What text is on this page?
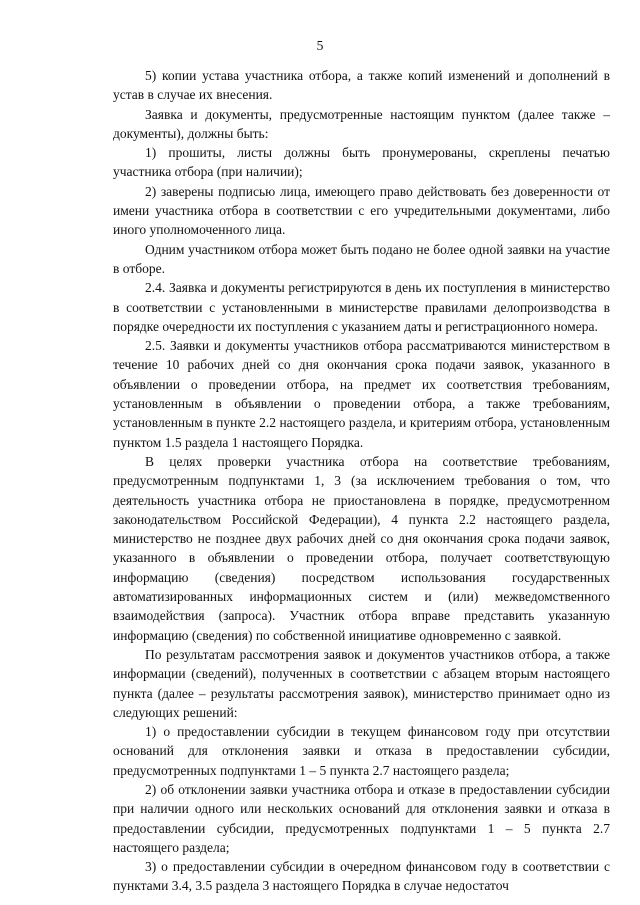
5

5) копии устава участника отбора, а также копий изменений и дополнений в устав в случае их внесения.

Заявка и документы, предусмотренные настоящим пунктом (далее также – документы), должны быть:

1) прошиты, листы должны быть пронумерованы, скреплены печатью участника отбора (при наличии);

2) заверены подписью лица, имеющего право действовать без доверенности от имени участника отбора в соответствии с его учредительными документами, либо иного уполномоченного лица.

Одним участником отбора может быть подано не более одной заявки на участие в отборе.

2.4. Заявка и документы регистрируются в день их поступления в министерство в соответствии с установленными в министерстве правилами делопроизводства в порядке очередности их поступления с указанием даты и регистрационного номера.

2.5. Заявки и документы участников отбора рассматриваются министерством в течение 10 рабочих дней со дня окончания срока подачи заявок, указанного в объявлении о проведении отбора, на предмет их соответствия требованиям, установленным в объявлении о проведении отбора, а также требованиям, установленным в пункте 2.2 настоящего раздела, и критериям отбора, установленным пунктом 1.5 раздела 1 настоящего Порядка.

В целях проверки участника отбора на соответствие требованиям, предусмотренным подпунктами 1, 3 (за исключением требования о том, что деятельность участника отбора не приостановлена в порядке, предусмотренном законодательством Российской Федерации), 4 пункта 2.2 настоящего раздела, министерство не позднее двух рабочих дней со дня окончания срока подачи заявок, указанного в объявлении о проведении отбора, получает соответствующую информацию (сведения) посредством использования государственных автоматизированных информационных систем и (или) межведомственного взаимодействия (запроса). Участник отбора вправе представить указанную информацию (сведения) по собственной инициативе одновременно с заявкой.

По результатам рассмотрения заявок и документов участников отбора, а также информации (сведений), полученных в соответствии с абзацем вторым настоящего пункта (далее – результаты рассмотрения заявок), министерство принимает одно из следующих решений:

1) о предоставлении субсидии в текущем финансовом году при отсутствии оснований для отклонения заявки и отказа в предоставлении субсидии, предусмотренных подпунктами 1 – 5 пункта 2.7 настоящего раздела;

2) об отклонении заявки участника отбора и отказе в предоставлении субсидии при наличии одного или нескольких оснований для отклонения заявки и отказа в предоставлении субсидии, предусмотренных подпунктами 1 – 5 пункта 2.7 настоящего раздела;

3) о предоставлении субсидии в очередном финансовом году в соответствии с пунктами 3.4, 3.5 раздела 3 настоящего Порядка в случае недостаточ
